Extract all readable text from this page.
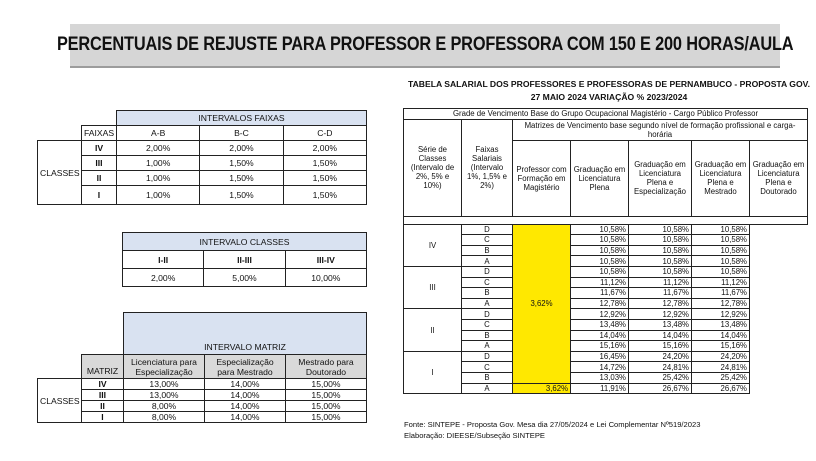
PERCENTUAIS DE REJUSTE PARA PROFESSOR E PROFESSORA COM 150 E 200 HORAS/AULA
		INTERVALOS FAIXAS		
	FAIXAS	A-B	B-C	C-D
CLASSES	IV	2,00%	2,00%	2,00%
	III	1,00%	1,50%	1,50%
	II	1,00%	1,50%	1,50%
	I	1,00%	1,50%	1,50%
INTERVALO CLASSES		
I-II	II-III	III-IV
2,00%	5,00%	10,00%
		INTERVALO MATRIZ		
	MATRIZ	Licenciatura para Especialização	Especialização para Mestrado	Mestrado para Doutorado
CLASSES	IV	13,00%	14,00%	15,00%
	III	13,00%	14,00%	15,00%
	II	8,00%	14,00%	15,00%
	I	8,00%	14,00%	15,00%
TABELA SALARIAL DOS PROFESSORES E PROFESSORAS DE PERNAMBUCO - PROPOSTA GOV. 27 MAIO 2024 VARIAÇÃO % 2023/2024
Grade de Vencimento Base do Grupo Ocupacional Magistério - Cargo Público Professor						
Série de Classes (Intervalo de 2%, 5% e 10%)	Faixas Salariais (Intervalo 1%, 1,5% e 2%)	Matrizes de Vencimento base segundo nível de formação profissional e carga-horária				
		Professor com Formação em Magistério	Graduação em Licenciatura Plena	Graduação em Licenciatura Plena e Especialização	Graduação em Licenciatura Plena e Mestrado	Graduação em Licenciatura Plena e Doutorado

IV	D	3,62%	10,58%	10,58%	10,58%	
	C		10,58%	10,58%	10,58%	
	B		10,58%	10,58%	10,58%	
	A		10,58%	10,58%	10,58%	
III	D		10,58%	10,58%	10,58%	
	C		11,12%	11,12%	11,12%	
	B		11,67%	11,67%	11,67%	
	A		12,78%	12,78%	12,78%	
II	D		12,92%	12,92%	12,92%	
	C		13,48%	13,48%	13,48%	
	B		14,04%	14,04%	14,04%	
	A		15,16%	15,16%	15,16%	
I	D		16,45%	24,20%	24,20%	
	C		14,72%	24,81%	24,81%	
	B		13,03%	25,42%	25,42%	
	A	3,62%	11,91%	26,67%	26,67%	
Fonte: SINTEPE - Proposta Gov. Mesa dia 27/05/2024 e Lei Complementar Nº519/2023
Elaboração: DIEESE/Subseção SINTEPE
